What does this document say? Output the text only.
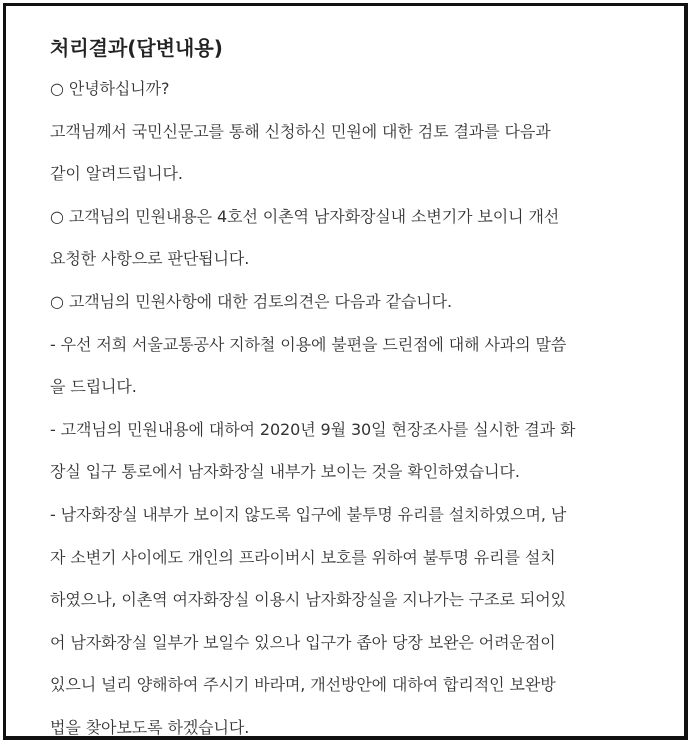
처리결과(답변내용)
○ 안녕하십니까?
고객님께서 국민신문고를 통해 신청하신 민원에 대한 검토 결과를 다음과
같이 알려드립니다.
○ 고객님의 민원내용은 4호선 이촌역 남자화장실내 소변기가 보이니 개선
요청한 사항으로 판단됩니다.
○ 고객님의 민원사항에 대한 검토의견은 다음과 같습니다.
- 우선 저희 서울교통공사 지하철 이용에 불편을 드린점에 대해 사과의 말씀
을 드립니다.
- 고객님의 민원내용에 대하여 2020년 9월 30일 현장조사를 실시한 결과 화
장실 입구 통로에서 남자화장실 내부가 보이는 것을 확인하였습니다.
- 남자화장실 내부가 보이지 않도록 입구에 불투명 유리를 설치하였으며, 남
자 소변기 사이에도 개인의 프라이버시 보호를 위하여 불투명 유리를 설치
하였으나, 이촌역 여자화장실 이용시 남자화장실을 지나가는 구조로 되어있
어 남자화장실 일부가 보일수 있으나 입구가 좁아 당장 보완은 어려운점이
있으니 널리 양해하여 주시기 바라며, 개선방안에 대하여 합리적인 보완방
법을 찾아보도록 하겠습니다.
